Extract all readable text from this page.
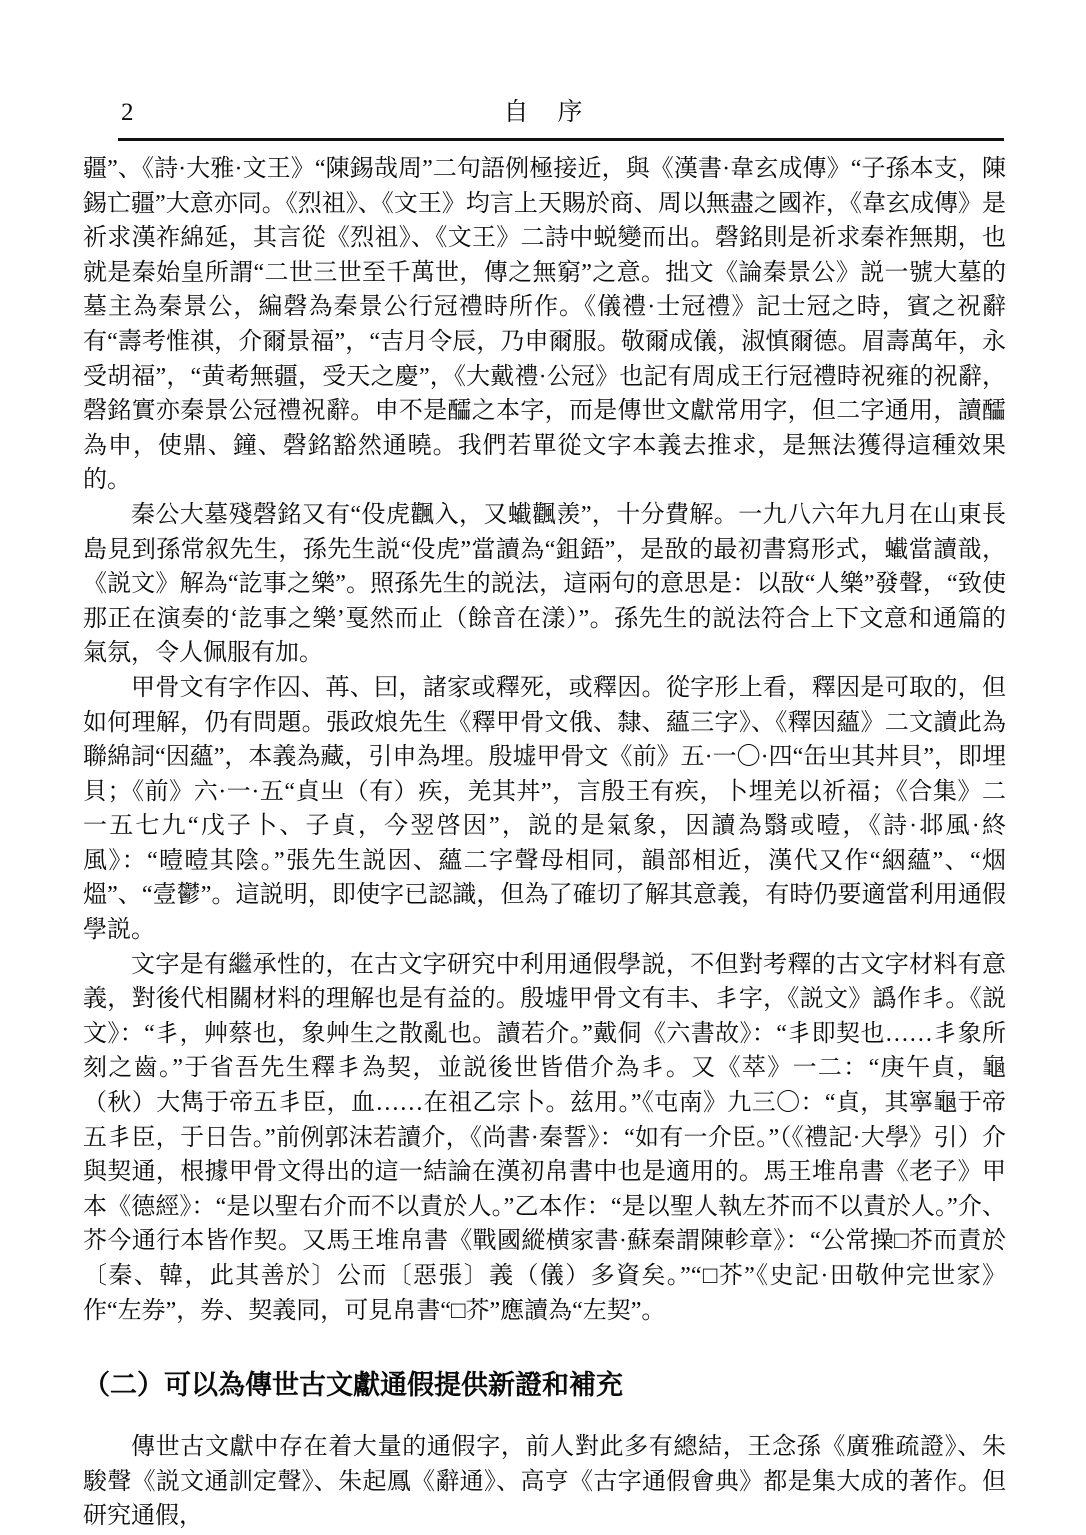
2	自　序

疆”、《詩·大雅·文王》“陳錫哉周”二句語例極接近，與《漢書·韋玄成傳》“子孫本支，陳錫亡疆”大意亦同。《烈祖》、《文王》均言上天賜於商、周以無盡之國祚，《韋玄成傳》是祈求漢祚綿延，其言從《烈祖》、《文王》二詩中蜕變而出。磬銘則是祈求秦祚無期，也就是秦始皇所謂“二世三世至千萬世，傳之無窮”之意。拙文《論秦景公》説一號大墓的墓主為秦景公，編磬為秦景公行冠禮時所作。《儀禮·士冠禮》記士冠之時，賓之祝辭有“壽考惟祺，介爾景福”，“吉月令辰，乃申爾服。敬爾成儀，淑慎爾德。眉壽萬年，永受胡福”，“黄耇無疆，受天之慶”，《大戴禮·公冠》也記有周成王行冠禮時祝雍的祝辭，磬銘實亦秦景公冠禮祝辭。申不是醽之本字，而是傳世文獻常用字，但二字通用，讀醽為申，使鼎、鐘、磬銘豁然通曉。我們若單從文字本義去推求，是無法獲得這種效果的。

秦公大墓殘磬銘又有“伇虎飌入，又蠘飌羡”，十分費解。一九八六年九月在山東長島見到孫常叙先生，孫先生説“伇虎”當讀為“鉏鋙”，是敔的最初書寫形式，蠘當讀戠，《説文》解為“訖事之樂”。照孫先生的説法，這兩句的意思是：以敔“人樂”發聲，“致使那正在演奏的‘訖事之樂’戛然而止（餘音在漾）”。孫先生的説法符合上下文意和通篇的氣氛，令人佩服有加。

甲骨文有字作囚、苒、囙，諸家或釋死，或釋因。從字形上看，釋因是可取的，但如何理解，仍有問題。張政烺先生《釋甲骨文俄、隸、蘊三字》、《釋因蘊》二文讀此為聯綿詞“因蘊”，本義為藏，引申為埋。殷墟甲骨文《前》五·一〇·四“缶㞢其丼貝”，即埋貝；《前》六·一·五“貞㞢（有）疾，羌其丼”，言殷王有疾，卜埋羌以祈福；《合集》二一五七九“戊子卜、子貞，今翌啓因”，説的是氣象，因讀為翳或曀，《詩·邶風·終風》：“曀曀其陰。”張先生説因、蘊二字聲母相同，韻部相近，漢代又作“絪蘊”、“烟熅”、“壹鬱”。這説明，即使字已認識，但為了確切了解其意義，有時仍要適當利用通假學説。

文字是有繼承性的，在古文字研究中利用通假學説，不但對考釋的古文字材料有意義，對後代相關材料的理解也是有益的。殷墟甲骨文有丰、丯字，《説文》譌作丯。《説文》：“丯，艸蔡也，象艸生之散亂也。讀若介。”戴侗《六書故》：“丯即契也……丯象所刻之齒。”于省吾先生釋丯為契，並説後世皆借介為丯。又《萃》一二：“庚午貞，龜（秋）大雋于帝五丯臣，血……在祖乙宗卜。兹用。”《屯南》九三〇：“貞，其寧龜于帝五丯臣，于日告。”前例郭沫若讀介，《尚書·秦誓》：“如有一介臣。”（《禮記·大學》引）介與契通，根據甲骨文得出的這一結論在漢初帛書中也是適用的。馬王堆帛書《老子》甲本《德經》：“是以聖右介而不以責於人。”乙本作：“是以聖人執左芥而不以責於人。”介、芥今通行本皆作契。又馬王堆帛書《戰國縱横家書·蘇秦謂陳軫章》：“公常操□芥而責於〔秦、韓，此其善於〕公而〔惡張〕義（儀）多資矣。”“□芥”《史記·田敬仲完世家》作“左券”，券、契義同，可見帛書“□芥”應讀為“左契”。

（二）可以為傳世古文獻通假提供新證和補充

傳世古文獻中存在着大量的通假字，前人對此多有總結，王念孫《廣雅疏證》、朱駿聲《説文通訓定聲》、朱起鳳《辭通》、高亨《古字通假會典》都是集大成的著作。但研究通假，
